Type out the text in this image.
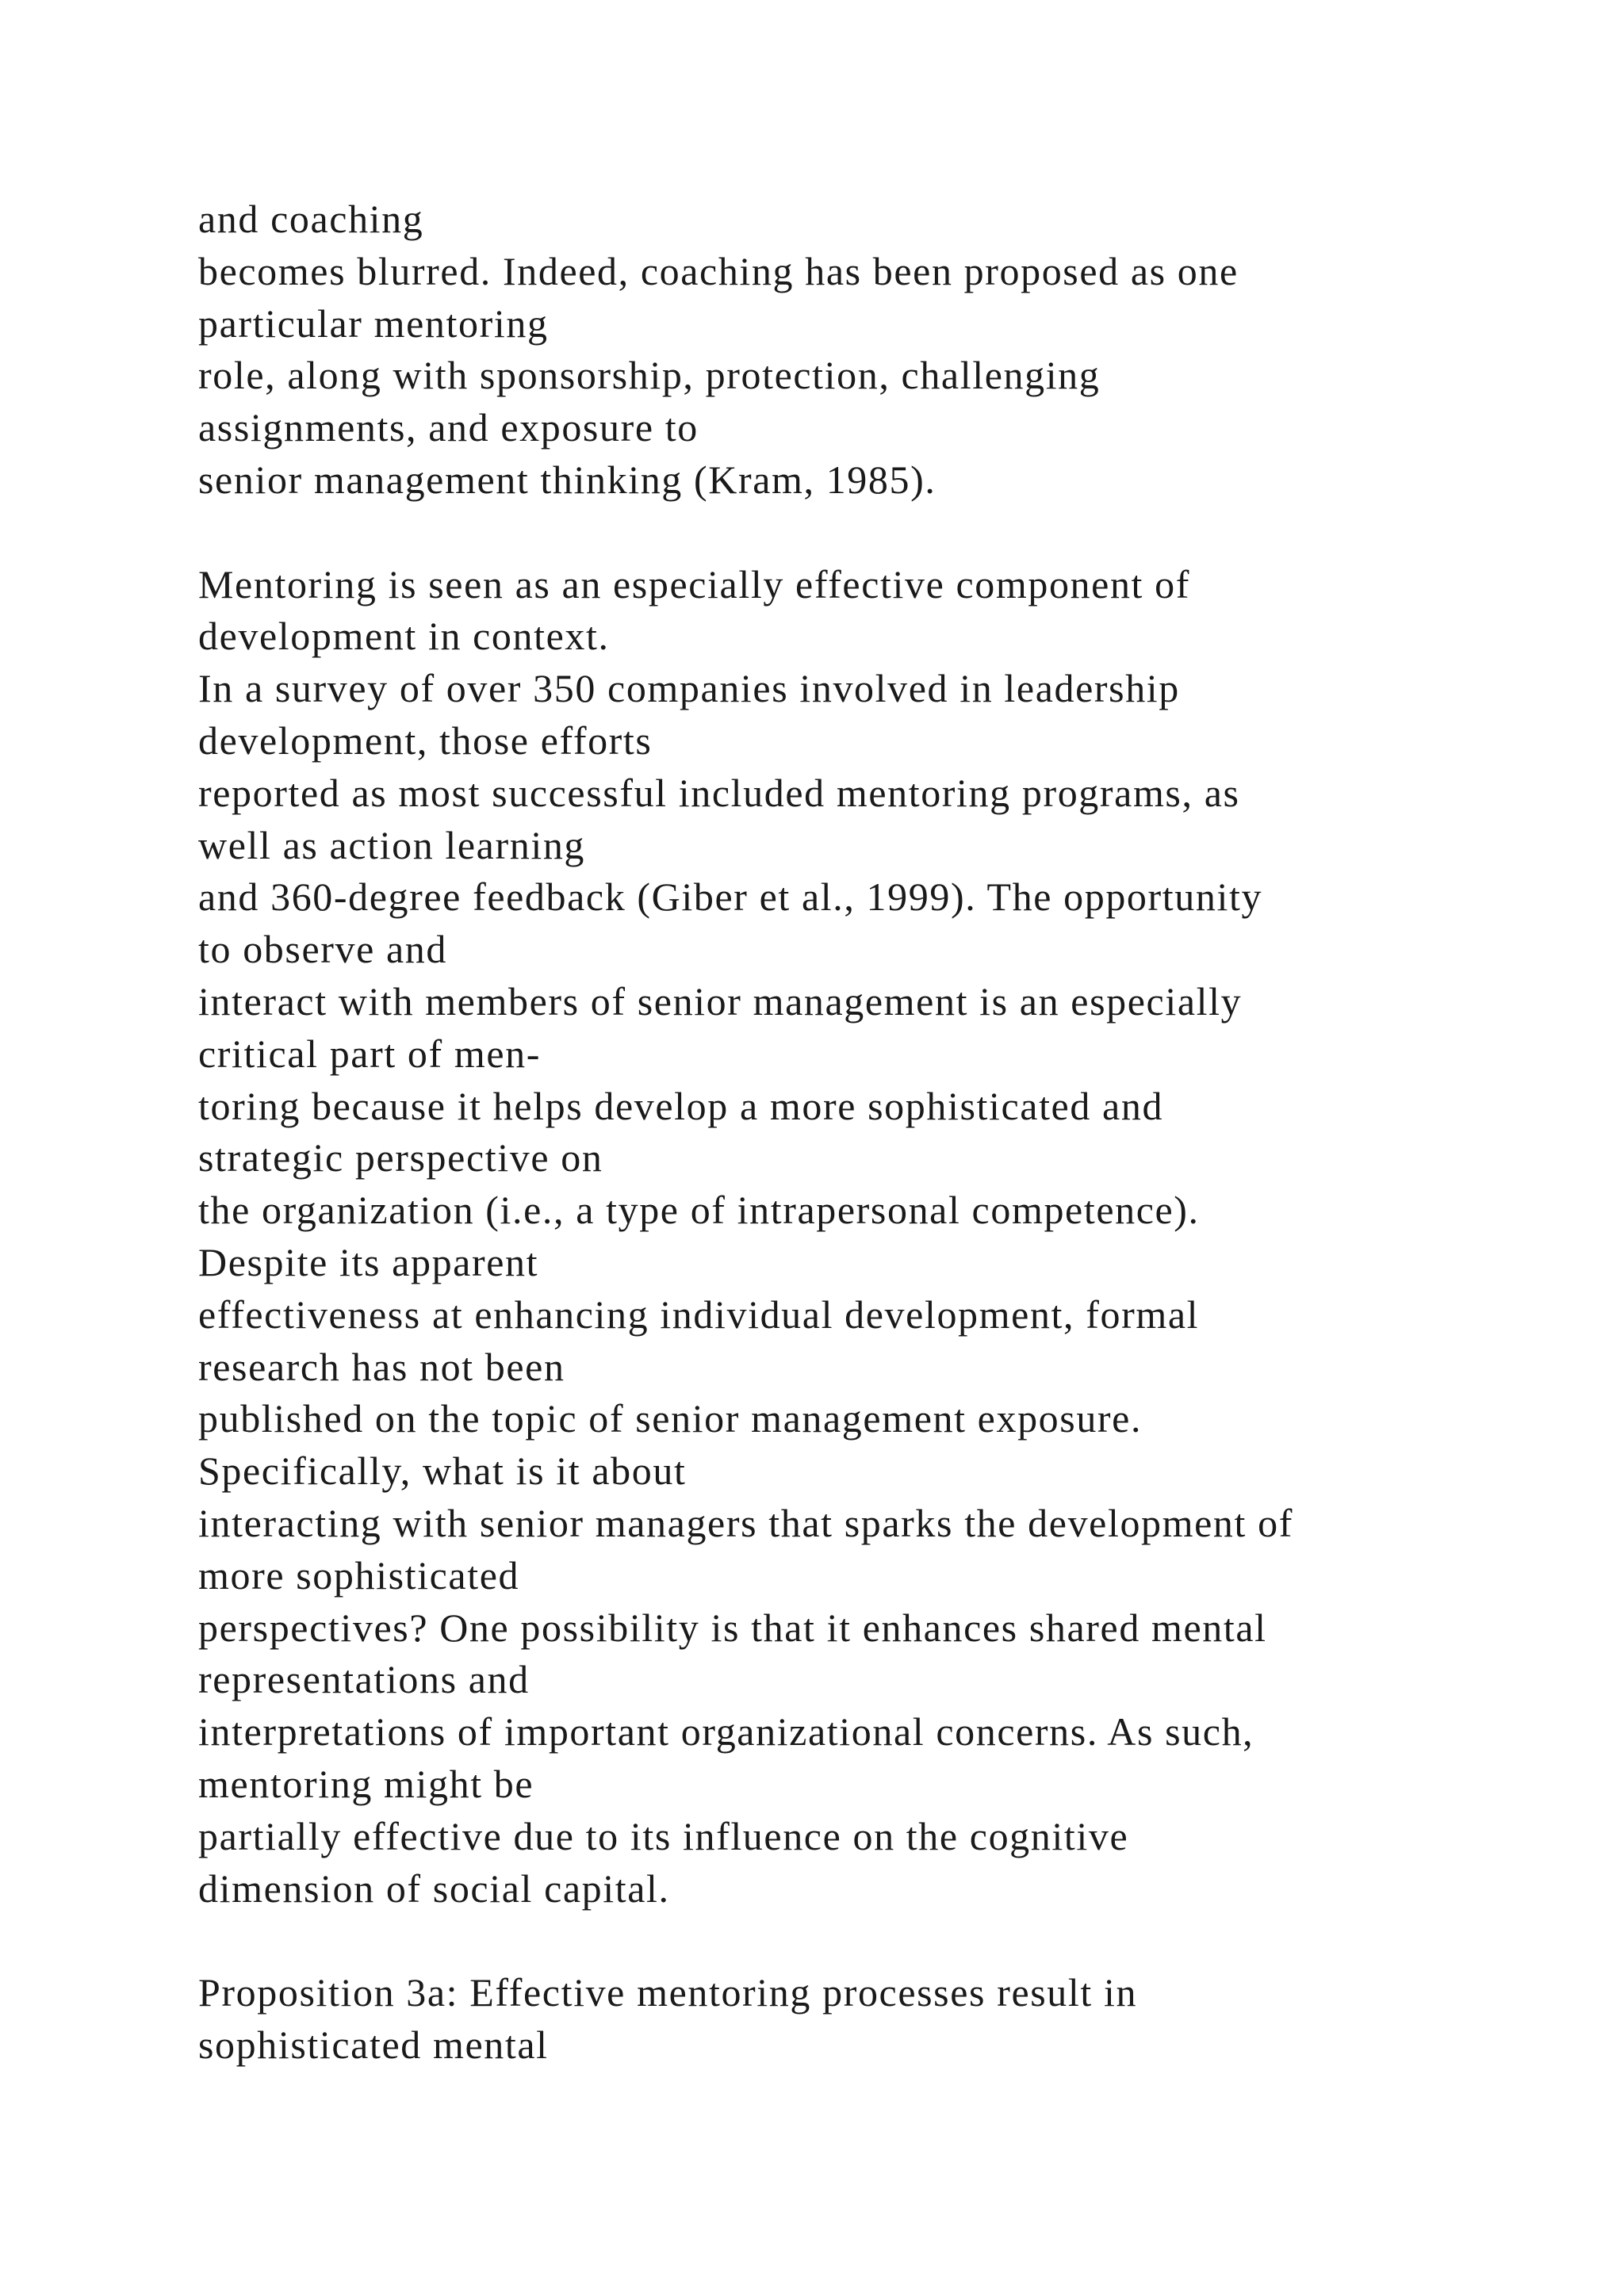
and coaching
becomes blurred. Indeed, coaching has been proposed as one
particular mentoring
role, along with sponsorship, protection, challenging
assignments, and exposure to
senior management thinking (Kram, 1985).
Mentoring is seen as an especially effective component of
development in context.
In a survey of over 350 companies involved in leadership
development, those efforts
reported as most successful included mentoring programs, as
well as action learning
and 360-degree feedback (Giber et al., 1999). The opportunity
to observe and
interact with members of senior management is an especially
critical part of men-
toring because it helps develop a more sophisticated and
strategic perspective on
the organization (i.e., a type of intrapersonal competence).
Despite its apparent
effectiveness at enhancing individual development, formal
research has not been
published on the topic of senior management exposure.
Specifically, what is it about
interacting with senior managers that sparks the development of
more sophisticated
perspectives? One possibility is that it enhances shared mental
representations and
interpretations of important organizational concerns. As such,
mentoring might be
partially effective due to its influence on the cognitive
dimension of social capital.
Proposition 3a: Effective mentoring processes result in
sophisticated mental
